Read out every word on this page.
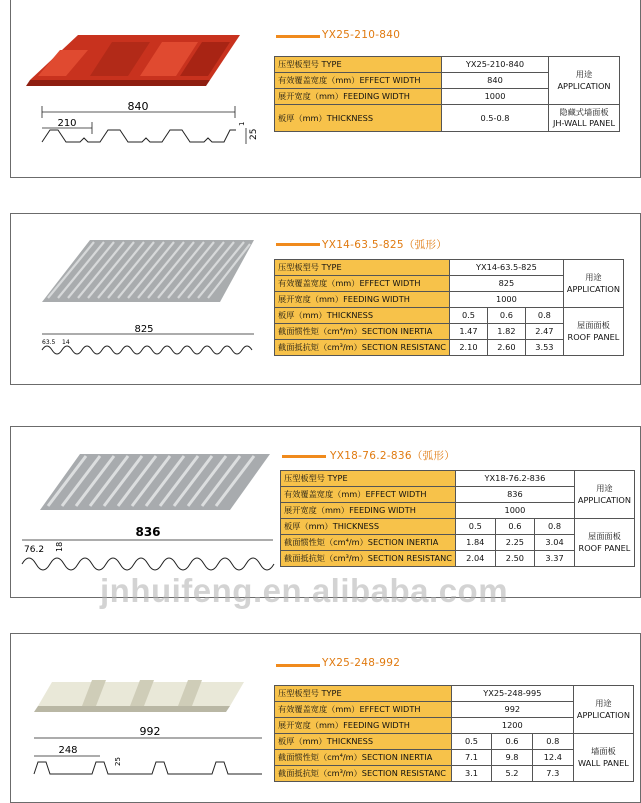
YX25-210-840
840
210
25
1
压型板型号 TYPE	YX25-210-840	用途
APPLICATION

有效覆盖宽度（mm）EFFECT WIDTH	840	
展开宽度（mm）FEEDING WIDTH	1000	
板厚（mm）THICKNESS	0.5-0.8	隐藏式墙面板
JH-WALL PANEL
YX14-63.5-825（弧形）
825
63.5 14
压型板型号 TYPE	YX14-63.5-825			用途
APPLICATION

有效覆盖宽度（mm）EFFECT WIDTH	825			
展开宽度（mm）FEEDING WIDTH	1000			
板厚（mm）THICKNESS	0.5	0.6	0.8	屋面面板
ROOF PANEL

截面惯性矩（cm⁴/m）SECTION INERTIA	1.47	1.82	2.47	
截面抵抗矩（cm³/m）SECTION RESISTANC	2.10	2.60	3.53	
YX18-76.2-836（弧形）
836
76.2 18
压型板型号 TYPE	YX18-76.2-836			用途
APPLICATION

有效覆盖宽度（mm）EFFECT WIDTH	836			
展开宽度（mm）FEEDING WIDTH	1000			
板厚（mm）THICKNESS	0.5	0.6	0.8	屋面面板
ROOF PANEL

截面惯性矩（cm⁴/m）SECTION INERTIA	1.84	2.25	3.04	
截面抵抗矩（cm³/m）SECTION RESISTANC	2.04	2.50	3.37	
jnhuifeng.en.alibaba.com
YX25-248-992
992
248
25
压型板型号 TYPE	YX25-248-995			用途
APPLICATION

有效覆盖宽度（mm）EFFECT WIDTH	992			
展开宽度（mm）FEEDING WIDTH	1200			
板厚（mm）THICKNESS	0.5	0.6	0.8	墙面板
WALL PANEL

截面惯性矩（cm⁴/m）SECTION INERTIA	7.1	9.8	12.4	
截面抵抗矩（cm³/m）SECTION RESISTANC	3.1	5.2	7.3	
